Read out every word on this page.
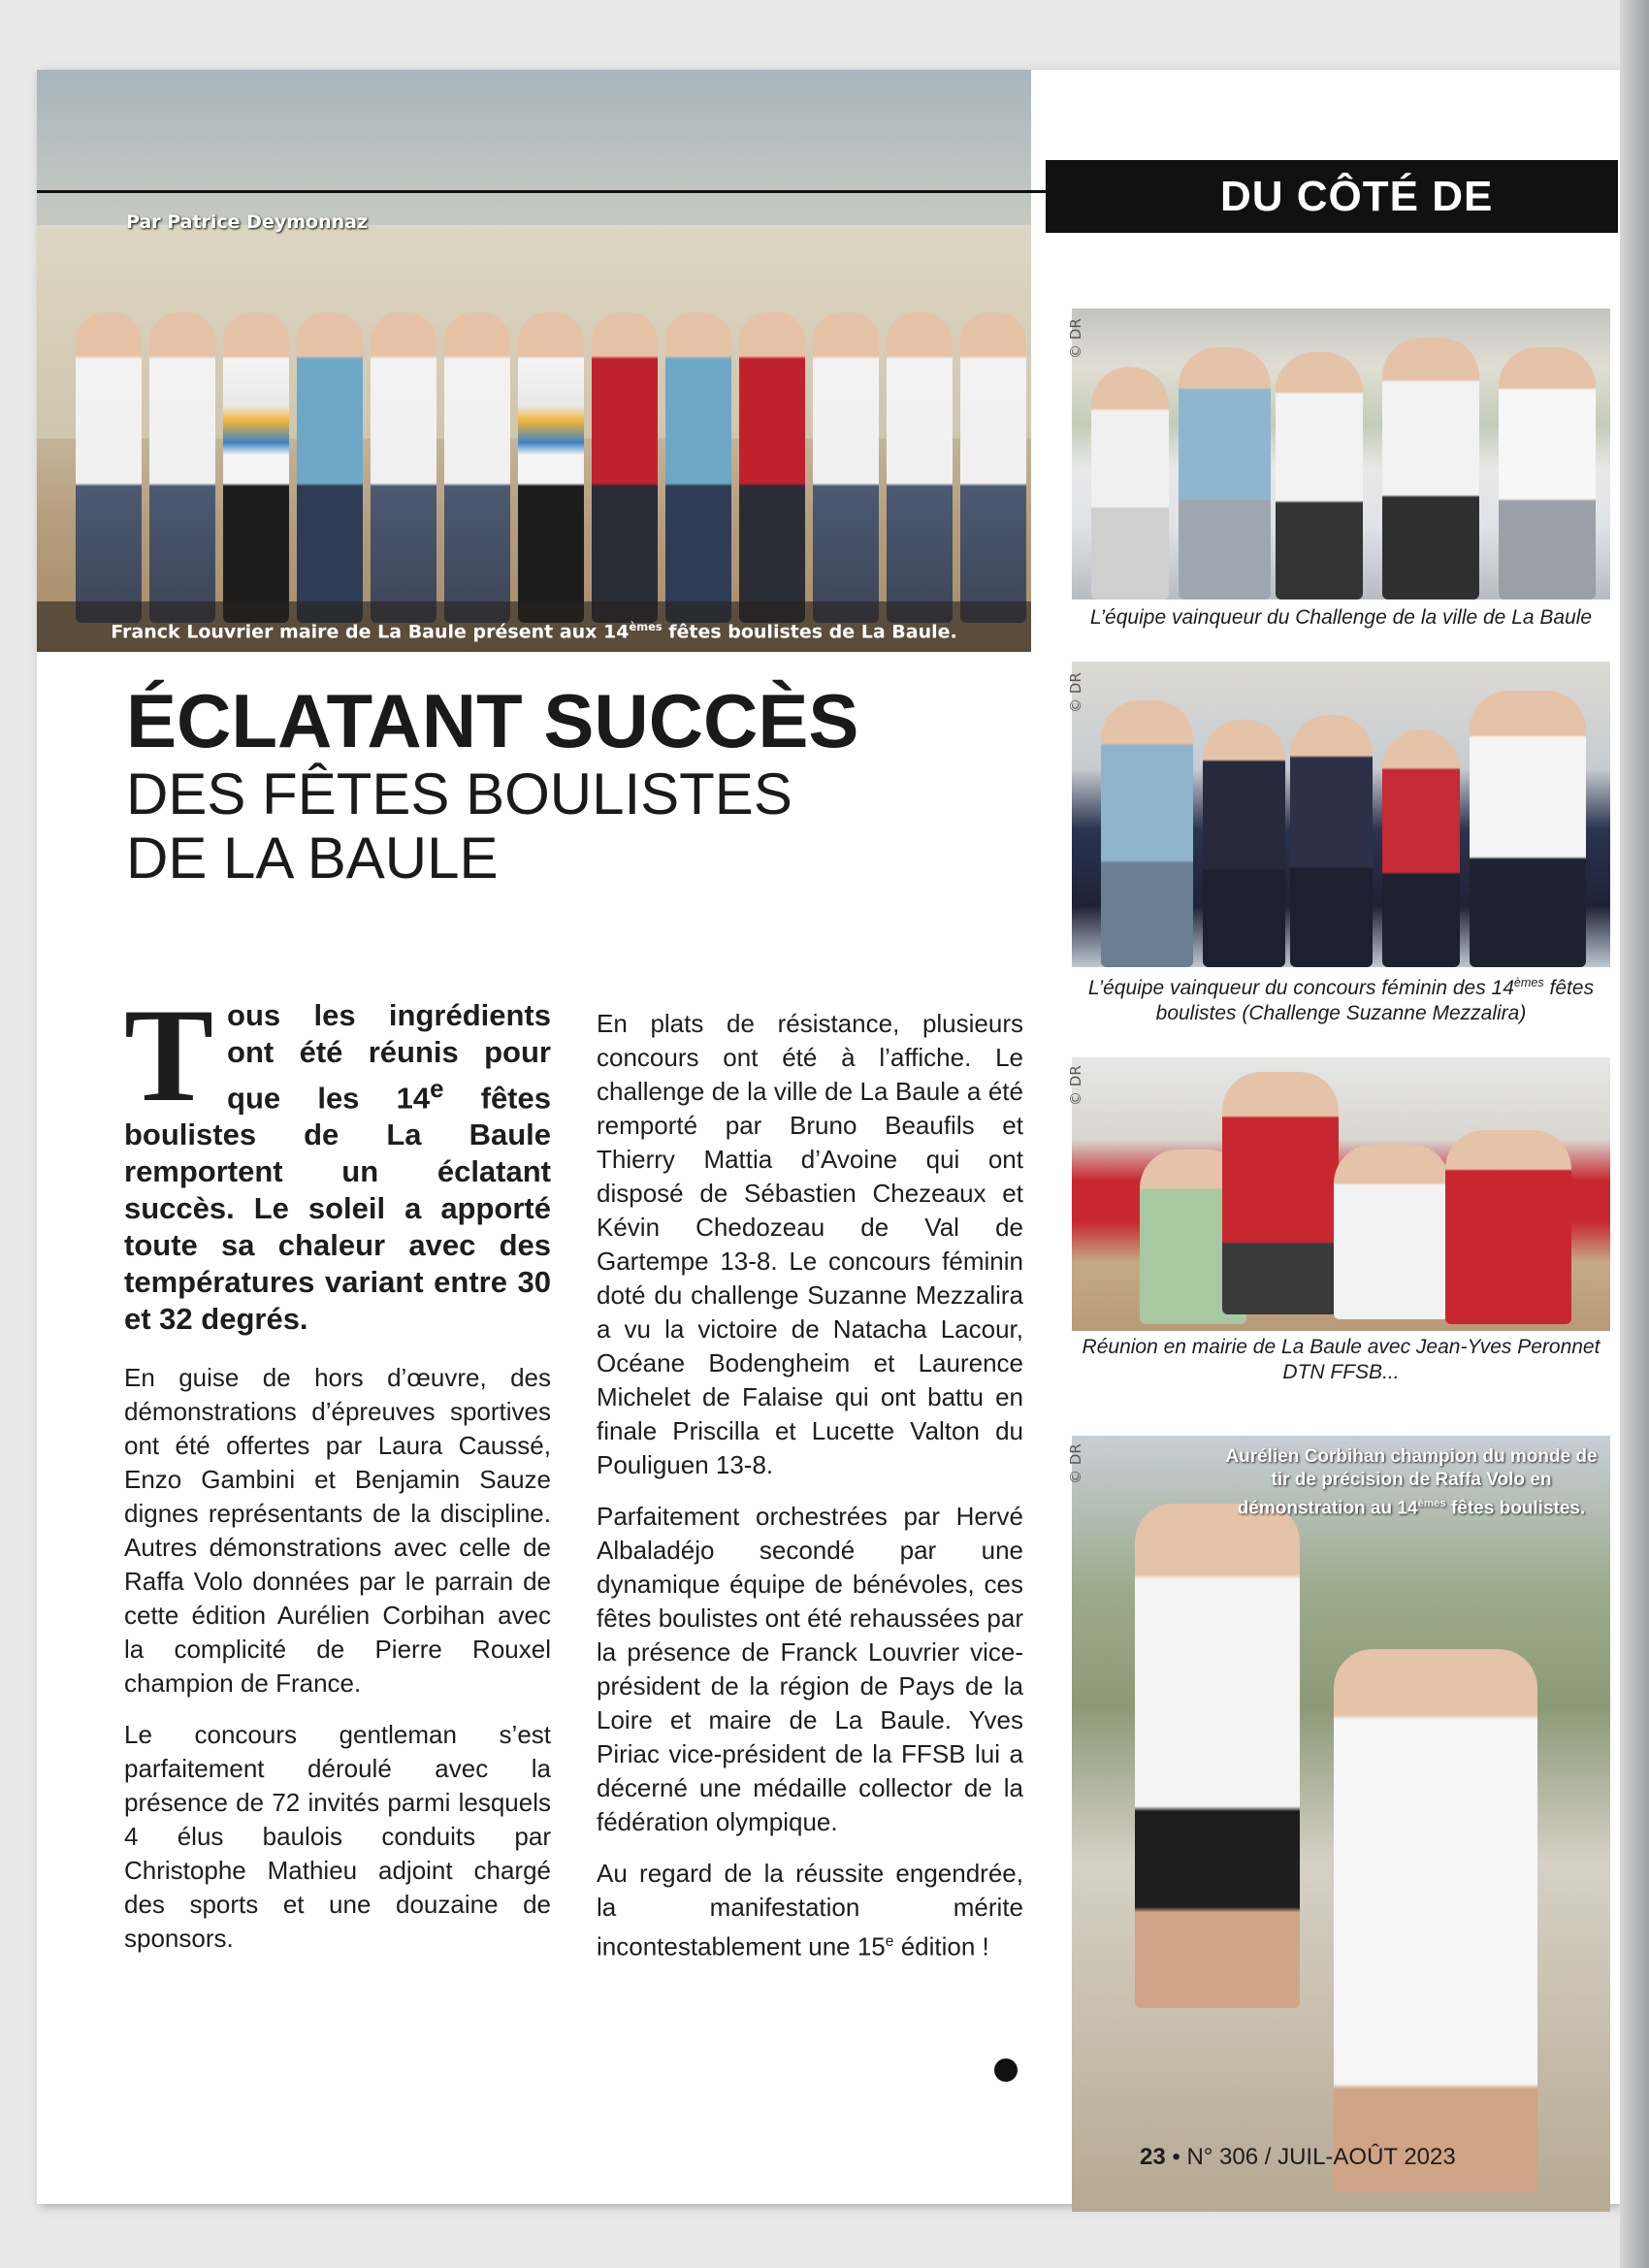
Par Patrice Deymonnaz
Franck Louvrier maire de La Baule présent aux 14èmes fêtes boulistes de La Baule.
DU CÔTÉ DE
ÉCLATANT SUCCÈS
DES FÊTES BOULISTES
DE LA BAULE

Tous les ingrédients ont été réunis pour que les 14e fêtes boulistes de La Baule remportent un éclatant succès. Le soleil a apporté toute sa chaleur avec des températures variant entre 30 et 32 degrés.

En guise de hors d’œuvre, des démonstrations d’épreuves sportives ont été offertes par Laura Caussé, Enzo Gambini et Benjamin Sauze dignes représentants de la discipline. Autres démonstrations avec celle de Raffa Volo données par le parrain de cette édition Aurélien Corbihan avec la complicité de Pierre Rouxel champion de France.

Le concours gentleman s’est parfaitement déroulé avec la présence de 72 invités parmi lesquels 4 élus baulois conduits par Christophe Mathieu adjoint chargé des sports et une douzaine de sponsors.

En plats de résistance, plusieurs concours ont été à l’affiche. Le challenge de la ville de La Baule a été remporté par Bruno Beaufils et Thierry Mattia d’Avoine qui ont disposé de Sébastien Chezeaux et Kévin Chedozeau de Val de Gartempe 13-8. Le concours féminin doté du challenge Suzanne Mezzalira a vu la victoire de Natacha Lacour, Océane Bodengheim et Laurence Michelet de Falaise qui ont battu en finale Priscilla et Lucette Valton du Pouliguen 13-8.

Parfaitement orchestrées par Hervé Albaladéjo secondé par une dynamique équipe de bénévoles, ces fêtes boulistes ont été rehaussées par la présence de Franck Louvrier vice-président de la région de Pays de la Loire et maire de La Baule. Yves Piriac vice-président de la FFSB lui a décerné une médaille collector de la fédération olympique.

Au regard de la réussite engendrée, la manifestation mérite incontestablement une 15e édition !

L’équipe vainqueur du Challenge de la ville de La Baule
L’équipe vainqueur du concours féminin des 14èmes fêtes boulistes (Challenge Suzanne Mezzalira)
Réunion en mairie de La Baule avec Jean-Yves Peronnet DTN FFSB...
Aurélien Corbihan champion du monde de tir de précision de Raffa Volo en démonstration au 14èmes fêtes boulistes.
© DR
© DR
© DR
© DR
23 • N° 306 / JUIL-AOÛT 2023
